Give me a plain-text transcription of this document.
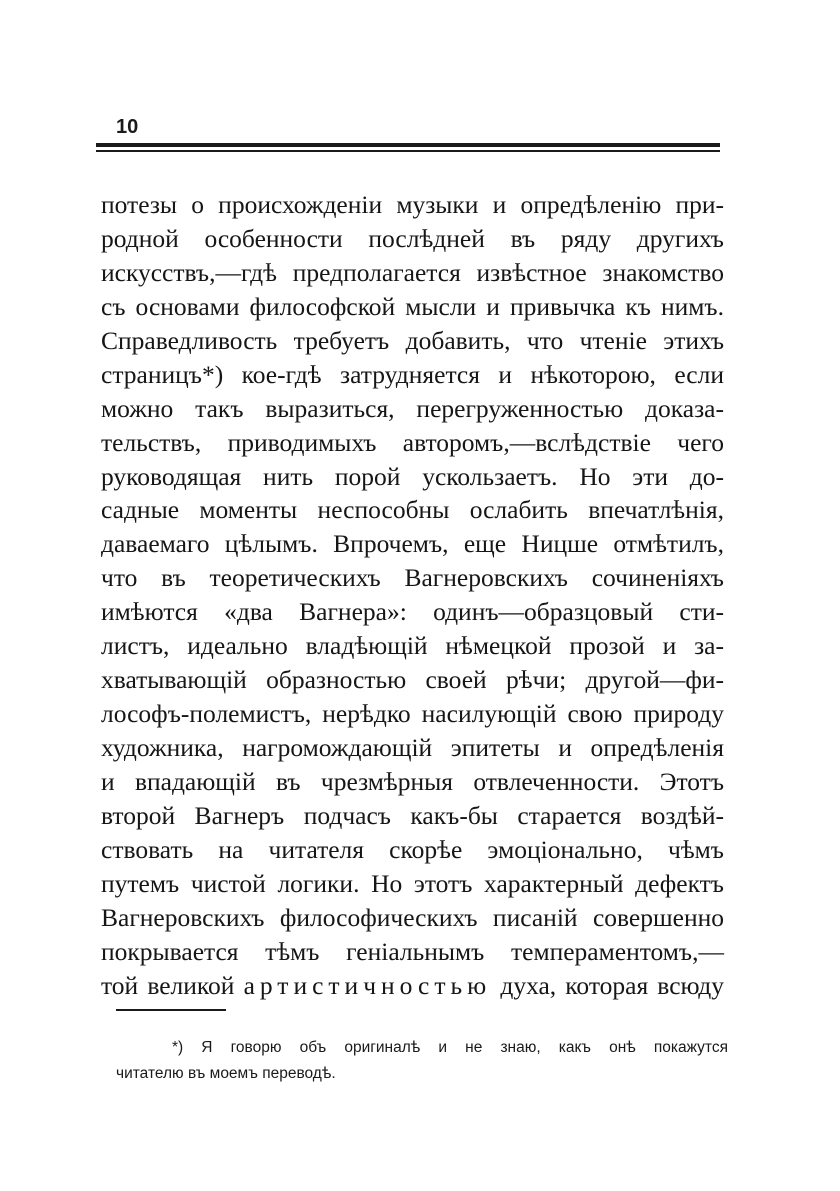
10
потезы о происхожденіи музыки и опредѣленію при-
родной особенности послѣдней въ ряду другихъ
искусствъ,—гдѣ предполагается извѣстное знакомство
съ основами философской мысли и привычка къ нимъ.
Справедливость требуетъ добавить, что чтеніе этихъ
страницъ*) кое-гдѣ затрудняется и нѣкоторою, если
можно такъ выразиться, перегруженностью доказа-
тельствъ, приводимыхъ авторомъ,—вслѣдствіе чего
руководящая нить порой ускользаетъ. Но эти до-
садные моменты неспособны ослабить впечатлѣнія,
даваемаго цѣлымъ. Впрочемъ, еще Ницше отмѣтилъ,
что въ теоретическихъ Вагнеровскихъ сочиненіяхъ
имѣются «два Вагнера»: одинъ—образцовый сти-
листъ, идеально владѣющій нѣмецкой прозой и за-
хватывающій образностью своей рѣчи; другой—фи-
лософъ-полемистъ, нерѣдко насилующій свою природу
художника, нагромождающій эпитеты и опредѣленія
и впадающій въ чрезмѣрныя отвлеченности. Этотъ
второй Вагнеръ подчасъ какъ-бы старается воздѣй-
ствовать на читателя скорѣе эмоціонально, чѣмъ
путемъ чистой логики. Но этотъ характерный дефектъ
Вагнеровскихъ философическихъ писаній совершенно
покрывается тѣмъ геніальнымъ темпераментомъ,—
той великой артистичностью духа, которая всюду
*) Я говорю объ оригиналѣ и не знаю, какъ онѣ покажутся
читателю въ моемъ переводѣ.
